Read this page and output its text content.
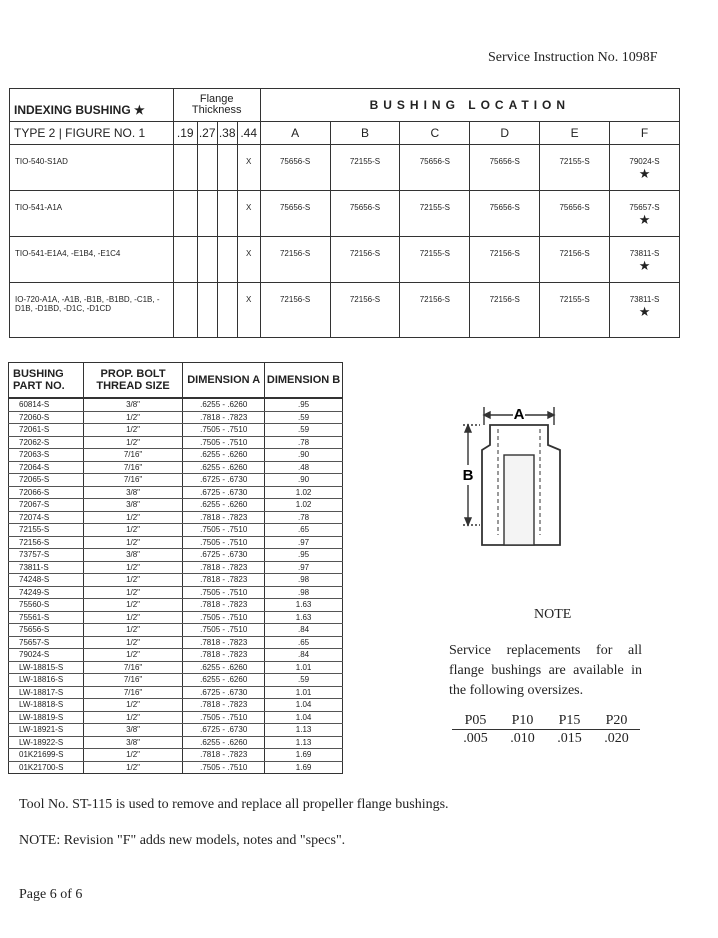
Service Instruction No. 1098F
INDEXING BUSHING ★	Flange Thickness				BUSHING LOCATION					
TYPE 2 | FIGURE NO. 1	.19	.27	.38	.44	A	B	C	D	E	F
TIO-540-S1AD				X	75656-S	72155-S	75656-S	75656-S	72155-S	79024-S
★

TIO-541-A1A				X	75656-S	75656-S	72155-S	75656-S	75656-S	75657-S
★

TIO-541-E1A4, -E1B4, -E1C4				X	72156-S	72156-S	72155-S	72156-S	72156-S	73811-S
★

IO-720-A1A, -A1B, -B1B, -B1BD, -C1B, -D1B, -D1BD, -D1C, -D1CD				X	72156-S	72156-S	72156-S	72156-S	72155-S	73811-S
★
BUSHING PART NO.	PROP. BOLT THREAD SIZE	DIMENSION A	DIMENSION B
60814-S	3/8"	.6255 - .6260	.95
72060-S	1/2"	.7818 - .7823	.59
72061-S	1/2"	.7505 - .7510	.59
72062-S	1/2"	.7505 - .7510	.78
72063-S	7/16"	.6255 - .6260	.90
72064-S	7/16"	.6255 - .6260	.48
72065-S	7/16"	.6725 - .6730	.90
72066-S	3/8"	.6725 - .6730	1.02
72067-S	3/8"	.6255 - .6260	1.02
72074-S	1/2"	.7818 - .7823	.78
72155-S	1/2"	.7505 - .7510	.65
72156-S	1/2"	.7505 - .7510	.97
73757-S	3/8"	.6725 - .6730	.95
73811-S	1/2"	.7818 - .7823	.97
74248-S	1/2"	.7818 - .7823	.98
74249-S	1/2"	.7505 - .7510	.98
75560-S	1/2"	.7818 - .7823	1.63
75561-S	1/2"	.7505 - .7510	1.63
75656-S	1/2"	.7505 - .7510	.84
75657-S	1/2"	.7818 - .7823	.65
79024-S	1/2"	.7818 - .7823	.84
LW-18815-S	7/16"	.6255 - .6260	1.01
LW-18816-S	7/16"	.6255 - .6260	.59
LW-18817-S	7/16"	.6725 - .6730	1.01
LW-18818-S	1/2"	.7818 - .7823	1.04
LW-18819-S	1/2"	.7505 - .7510	1.04
LW-18921-S	3/8"	.6725 - .6730	1.13
LW-18922-S	3/8"	.6255 - .6260	1.13
01K21699-S	1/2"	.7818 - .7823	1.69
01K21700-S	1/2"	.7505 - .7510	1.69
A
B
NOTE
Service replacements for all flange bushings are available in the following oversizes.
P05	P10	P15	P20
.005	.010	.015	.020
Tool No. ST-115 is used to remove and replace all propeller flange bushings.
NOTE: Revision "F" adds new models, notes and "specs".
Page 6 of 6
